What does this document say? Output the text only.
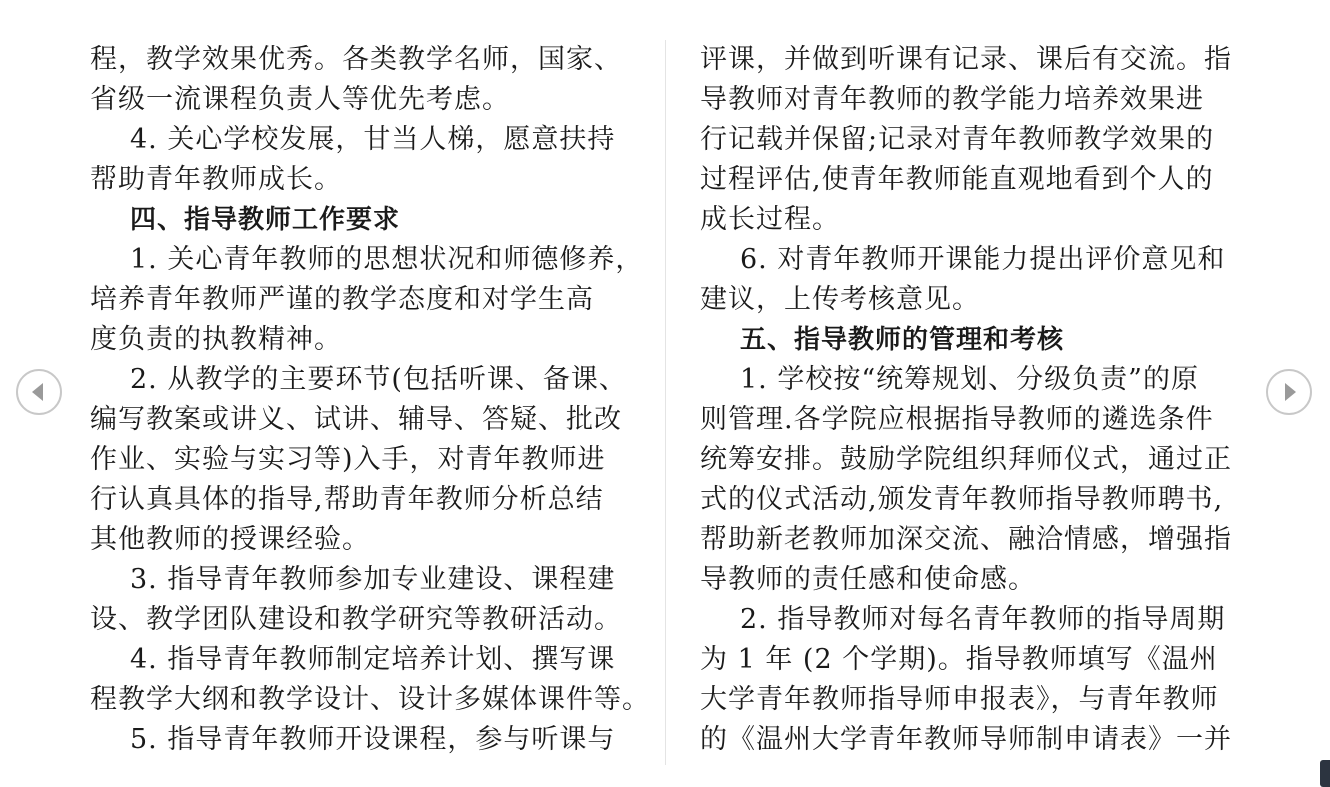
程，教学效果优秀。各类教学名师，国家、
省级一流课程负责人等优先考虑。
4. 关心学校发展，甘当人梯，愿意扶持
帮助青年教师成长。
四、指导教师工作要求
1. 关心青年教师的思想状况和师德修养，
培养青年教师严谨的教学态度和对学生高
度负责的执教精神。
2. 从教学的主要环节(包括听课、备课、
编写教案或讲义、试讲、辅导、答疑、批改
作业、实验与实习等)入手，对青年教师进
行认真具体的指导,帮助青年教师分析总结
其他教师的授课经验。
3. 指导青年教师参加专业建设、课程建
设、教学团队建设和教学研究等教研活动。
4. 指导青年教师制定培养计划、撰写课
程教学大纲和教学设计、设计多媒体课件等。
5. 指导青年教师开设课程，参与听课与
评课，并做到听课有记录、课后有交流。指
导教师对青年教师的教学能力培养效果进
行记载并保留;记录对青年教师教学效果的
过程评估,使青年教师能直观地看到个人的
成长过程。
6. 对青年教师开课能力提出评价意见和
建议，上传考核意见。
五、指导教师的管理和考核
1. 学校按“统筹规划、分级负责”的原
则管理.各学院应根据指导教师的遴选条件
统筹安排。鼓励学院组织拜师仪式，通过正
式的仪式活动,颁发青年教师指导教师聘书,
帮助新老教师加深交流、融洽情感，增强指
导教师的责任感和使命感。
2. 指导教师对每名青年教师的指导周期
为 1 年 (2 个学期)。指导教师填写《温州
大学青年教师指导师申报表》，与青年教师
的《温州大学青年教师导师制申请表》一并
